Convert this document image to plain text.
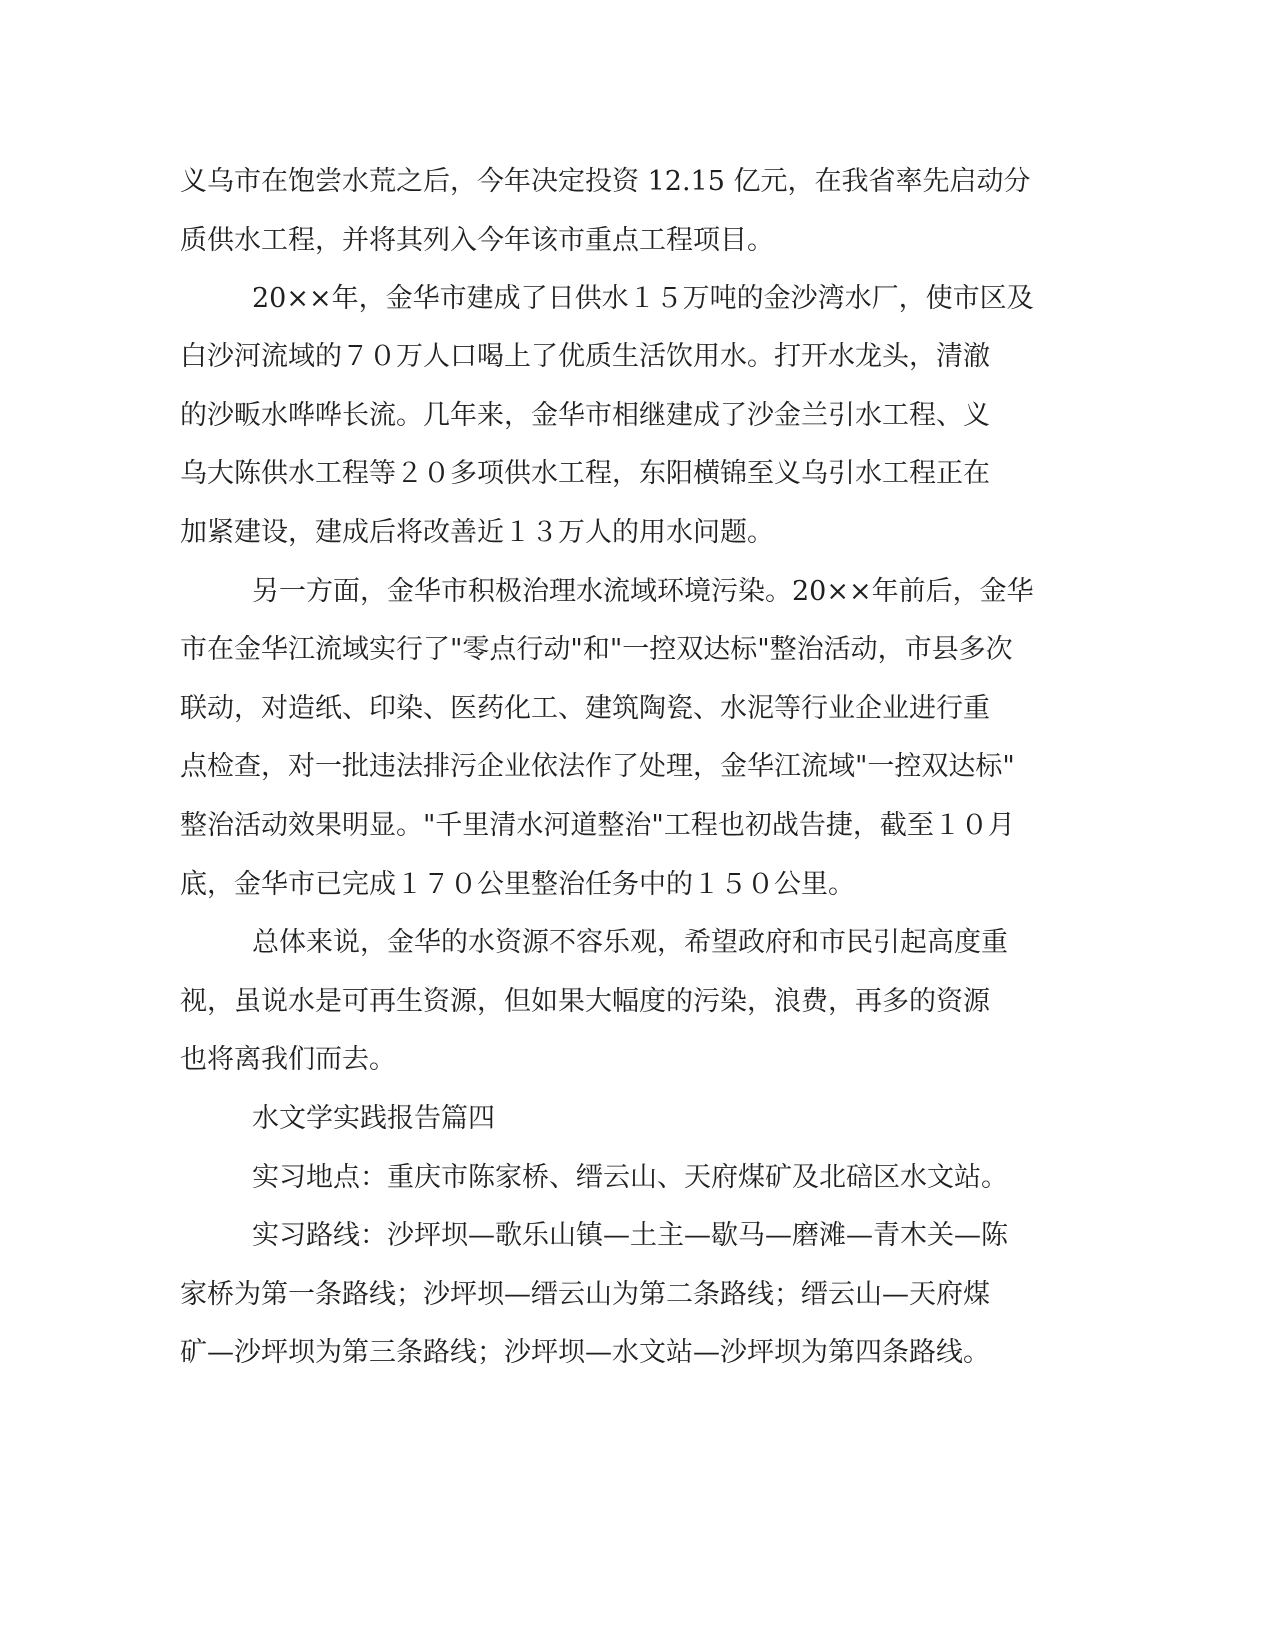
义乌市在饱尝水荒之后，今年决定投资 12.15 亿元，在我省率先启动分

质供水工程，并将其列入今年该市重点工程项目。

20××年，金华市建成了日供水１５万吨的金沙湾水厂，使市区及

白沙河流域的７０万人口喝上了优质生活饮用水。打开水龙头，清澈

的沙畈水哗哗长流。几年来，金华市相继建成了沙金兰引水工程、义

乌大陈供水工程等２０多项供水工程，东阳横锦至义乌引水工程正在

加紧建设，建成后将改善近１３万人的用水问题。

另一方面，金华市积极治理水流域环境污染。20××年前后，金华

市在金华江流域实行了"零点行动"和"一控双达标"整治活动，市县多次

联动，对造纸、印染、医药化工、建筑陶瓷、水泥等行业企业进行重

点检查，对一批违法排污企业依法作了处理，金华江流域"一控双达标"

整治活动效果明显。"千里清水河道整治"工程也初战告捷，截至１０月

底，金华市已完成１７０公里整治任务中的１５０公里。

总体来说，金华的水资源不容乐观，希望政府和市民引起高度重

视，虽说水是可再生资源，但如果大幅度的污染，浪费，再多的资源

也将离我们而去。

水文学实践报告篇四

实习地点：重庆市陈家桥、缙云山、天府煤矿及北碚区水文站。

实习路线：沙坪坝—歌乐山镇—土主—歇马—磨滩—青木关—陈

家桥为第一条路线；沙坪坝—缙云山为第二条路线；缙云山—天府煤

矿—沙坪坝为第三条路线；沙坪坝—水文站—沙坪坝为第四条路线。
